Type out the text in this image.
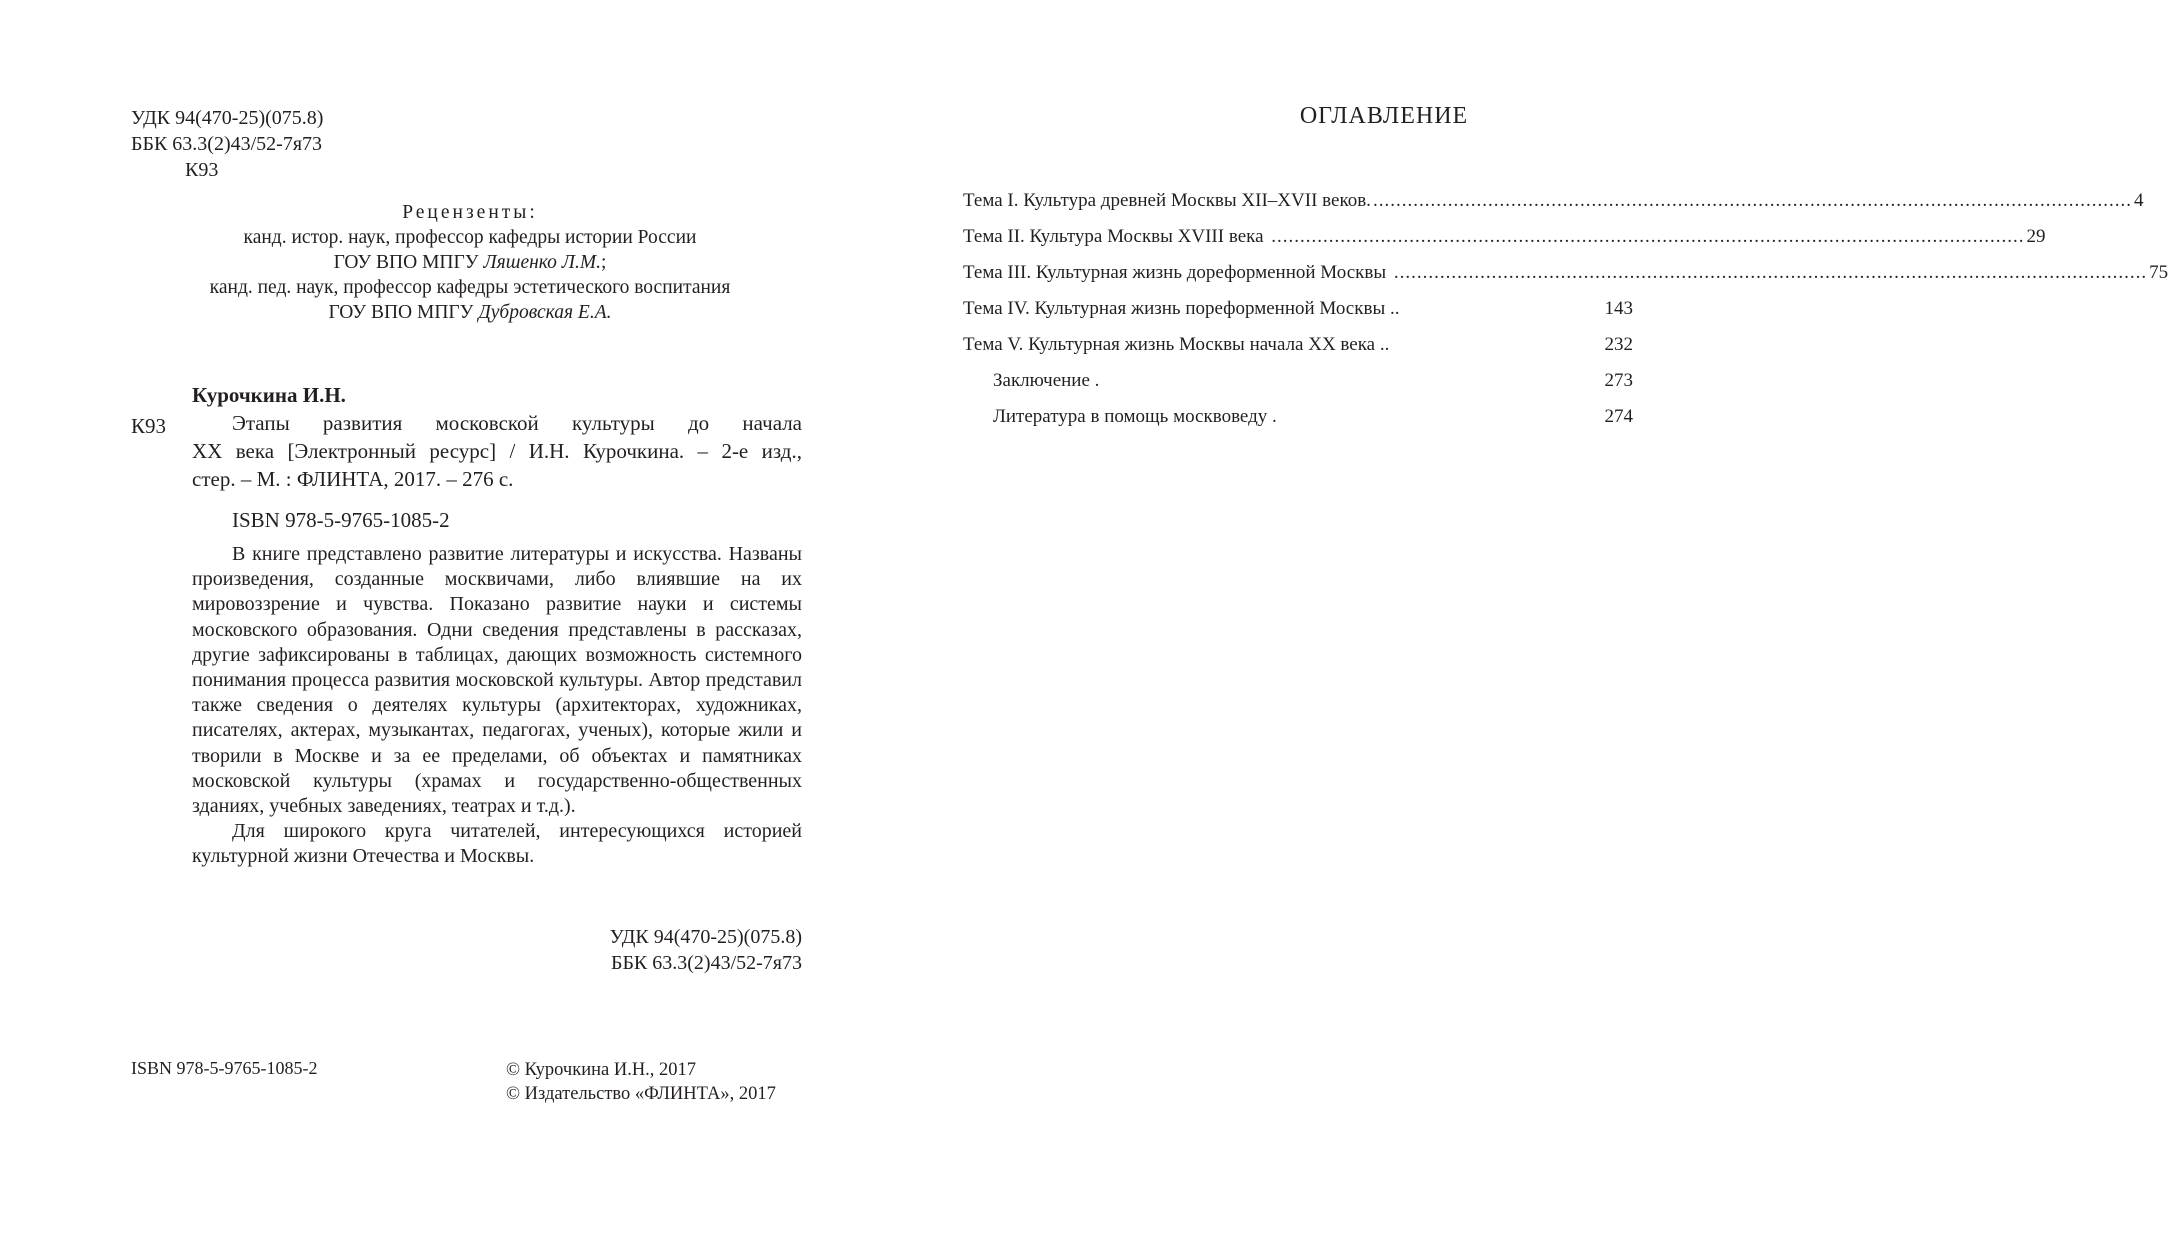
УДК 94(470-25)(075.8)
ББК 63.3(2)43/52-7я73
К93
Рецензенты:
канд. истор. наук, профессор кафедры истории России
ГОУ ВПО МПГУ Ляшенко Л.М.;
канд. пед. наук, профессор кафедры эстетического воспитания
ГОУ ВПО МПГУ Дубровская Е.А.
Курочкина И.Н.
К93	Этапы развития московской культуры до начала
XX века [Электронный ресурс] / И.Н. Курочкина. – 2-е изд.,
стер. – М. : ФЛИНТА, 2017. – 276 с.
ISBN 978-5-9765-1085-2

В книге представлено развитие литературы и искусства. Названы произведения, созданные москвичами, либо влиявшие на их мировоззрение и чувства. Показано развитие науки и системы московского образования. Одни сведения представлены в рассказах, другие зафиксированы в таблицах, дающих возможность системного понимания процесса развития московской культуры. Автор представил также сведения о деятелях культуры (архитекторах, художниках, писателях, актерах, музыкантах, педагогах, ученых), которые жили и творили в Москве и за ее пределами, об объектах и памятниках московской культуры (храмах и государственно-общественных зданиях, учебных заведениях, театрах и т.д.).

Для широкого круга читателей, интересующихся историей культурной жизни Отечества и Москвы.

УДК 94(470-25)(075.8)
ББК 63.3(2)43/52-7я73
ISBN 978-5-9765-1085-2	© Курочкина И.Н., 2017
© Издательство «ФЛИНТА», 2017
ОГЛАВЛЕНИЕ
Тема I. Культура древней Москвы XII–XVII веков. .................................................................................................................................... 4
Тема II. Культура Москвы XVIII века ................................................................................................................................... 29
Тема III. Культурная жизнь дореформенной Москвы ................................................................................................................................... 75
Тема IV. Культурная жизнь пореформенной Москвы ..	143
Тема V. Культурная жизнь Москвы начала XX века ..	232
Заключение .	273
Литература в помощь москвоведу .	274
